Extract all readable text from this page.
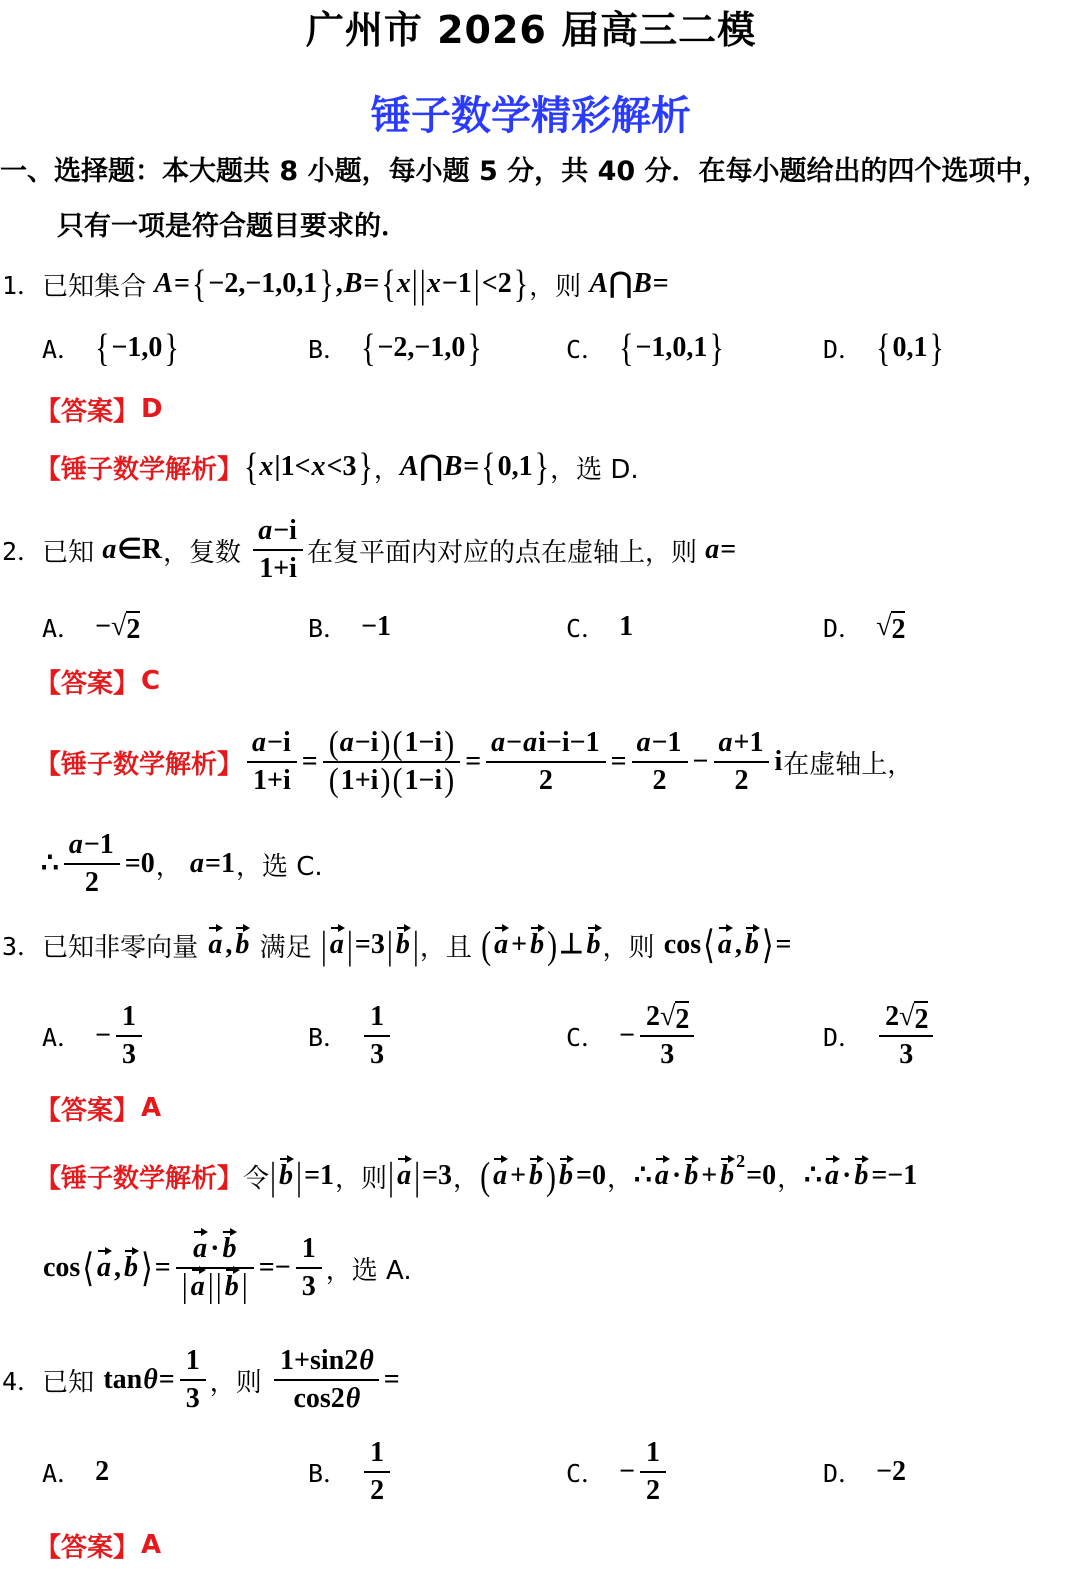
广州市 2026 届高三二模
锤子数学精彩解析
一、选择题：本大题共 8 小题，每小题 5 分，共 40 分．在每小题给出的四个选项中，
只有一项是符合题目要求的．
1． 已知集合 A = { −2,−1,0,1 } , B = { x | | x −1 | <2 } ，则 A ⋂ B =
A． { −1,0 }	B． { −2,−1,0 }	C． { −1,0,1 }	D． { 0,1 }
【答案】 D
【锤子数学解析】 { x |1< x <3 } ， A ⋂ B = { 0,1 } ，选 D.
2． 已知 a ∈R ，复数 $\frac{a -i}{1+i}$ 在复平面内对应的点在虚轴上，则 a =
A． −√ 2	B． −1	C． 1	D． √ 2
【答案】 C
【锤子数学解析】 $\frac{a -i}{1+i} = \frac{( a -i ) ( 1-i )}{( 1+i ) ( 1-i )} = \frac{\text{a − a i−i−1}}{2} = \frac{a -1}{2} - \frac{a +1}{2}$ i 在虚轴上，
∴ $\frac{a -1}{2} =0$ ， a =1 ，选 C.
3． 已知非零向量 a , b 满足 | a | =3 | b | ，且 ( a + b ) ⊥ b ，则 cos ⟨ a , b ⟩ =
A． − $\frac{1}{3}$	B． $\frac{1}{3}$	C． − $\frac{2√ 2}{3}$	D． $\frac{2√ 2}{3}$
【答案】 A
【锤子数学解析】 令 | b | =1 ，则 | a | =3 ， ( a + b ) b =0 ， ∴ a · b + b 2 =0 ， ∴ a · b =−1
cos ⟨ a , b ⟩ = $\frac{a \cdot b}{| a | | b |} =- \frac{1}{3}$ ，选 A.
4． 已知 $\tan \theta = \frac{1}{3}$ ，则 $\frac{1+\sin 2 \theta}{\cos 2 \theta}$ =
A． 2	B． $\frac{1}{2}$	C． − $\frac{1}{2}$	D． −2
【答案】 A
